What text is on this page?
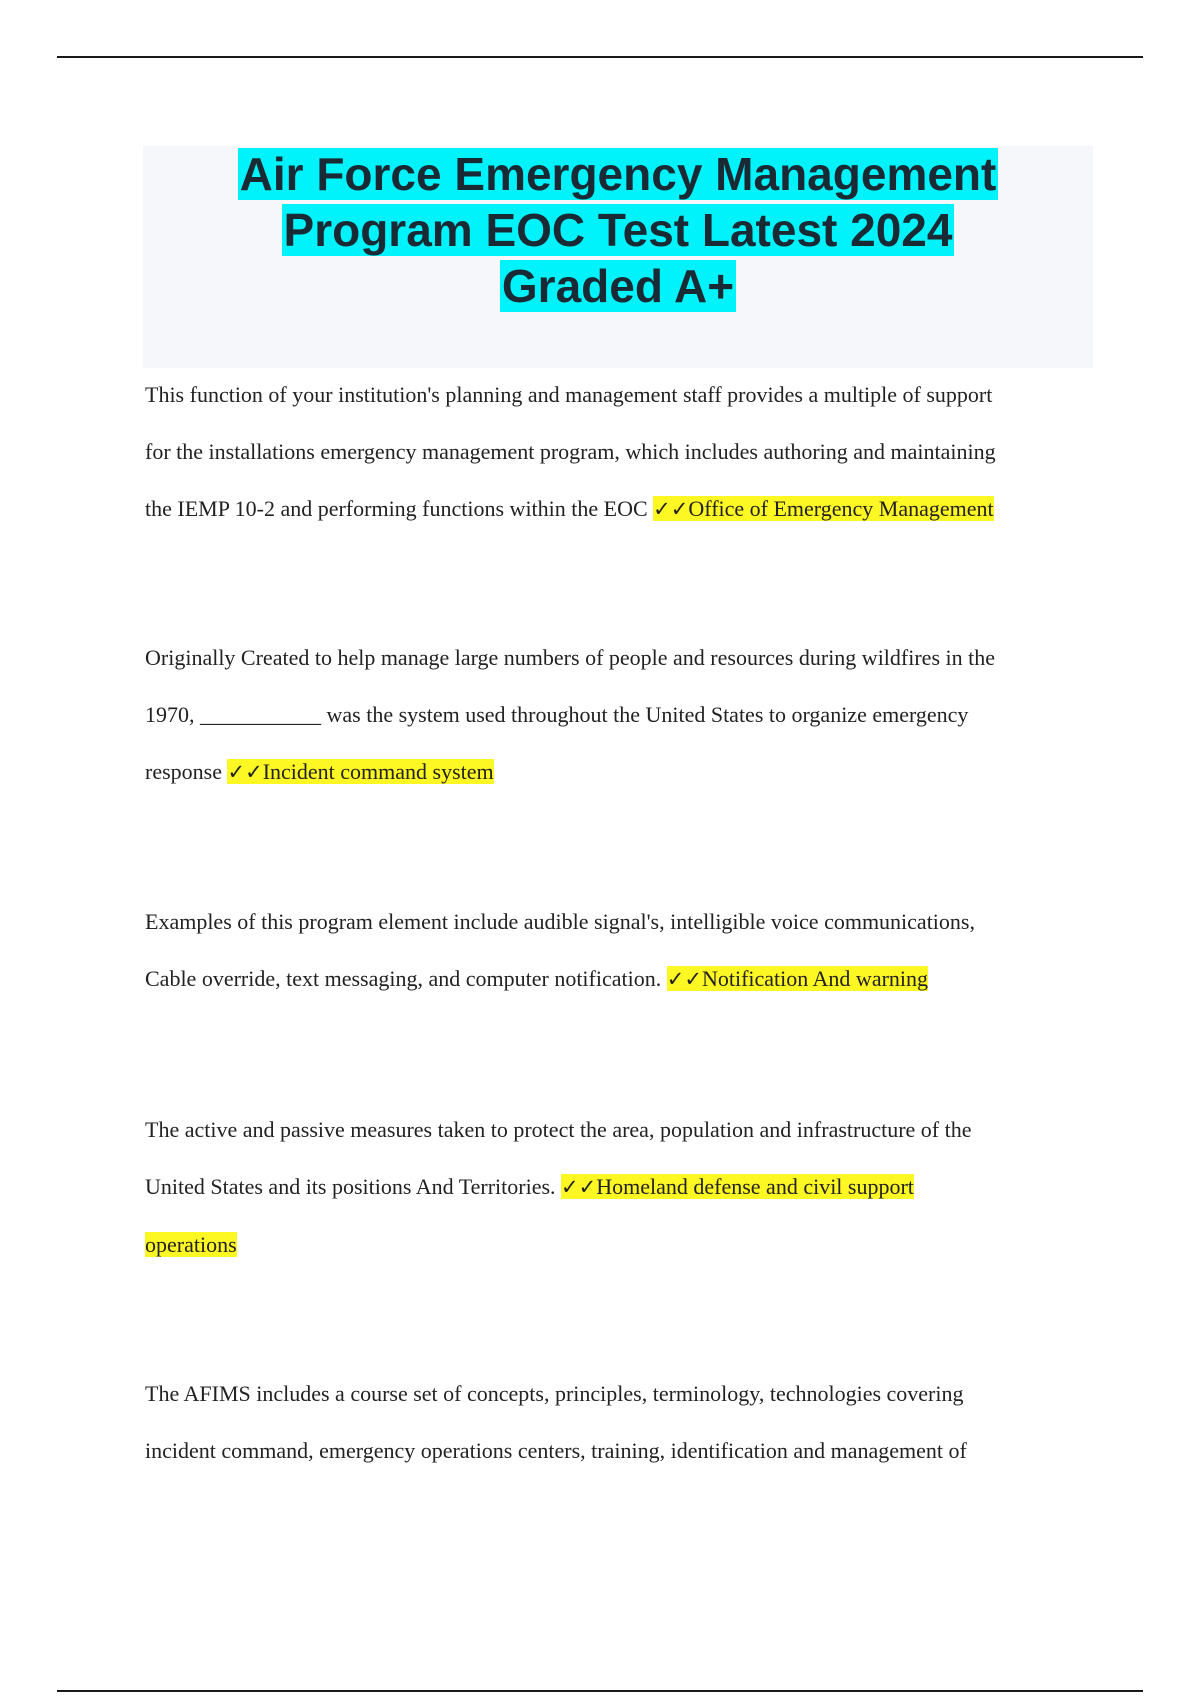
Air Force Emergency Management
Program EOC Test Latest 2024
Graded A+

This function of your institution's planning and management staff provides a multiple of support
for the installations emergency management program, which includes authoring and maintaining
the IEMP 10-2 and performing functions within the EOC ✓✓Office of Emergency Management

Originally Created to help manage large numbers of people and resources during wildfires in the
1970, ___________ was the system used throughout the United States to organize emergency
response ✓✓Incident command system

Examples of this program element include audible signal's, intelligible voice communications,
Cable override, text messaging, and computer notification. ✓✓Notification And warning

The active and passive measures taken to protect the area, population and infrastructure of the
United States and its positions And Territories. ✓✓Homeland defense and civil support
operations

The AFIMS includes a course set of concepts, principles, terminology, technologies covering
incident command, emergency operations centers, training, identification and management of
